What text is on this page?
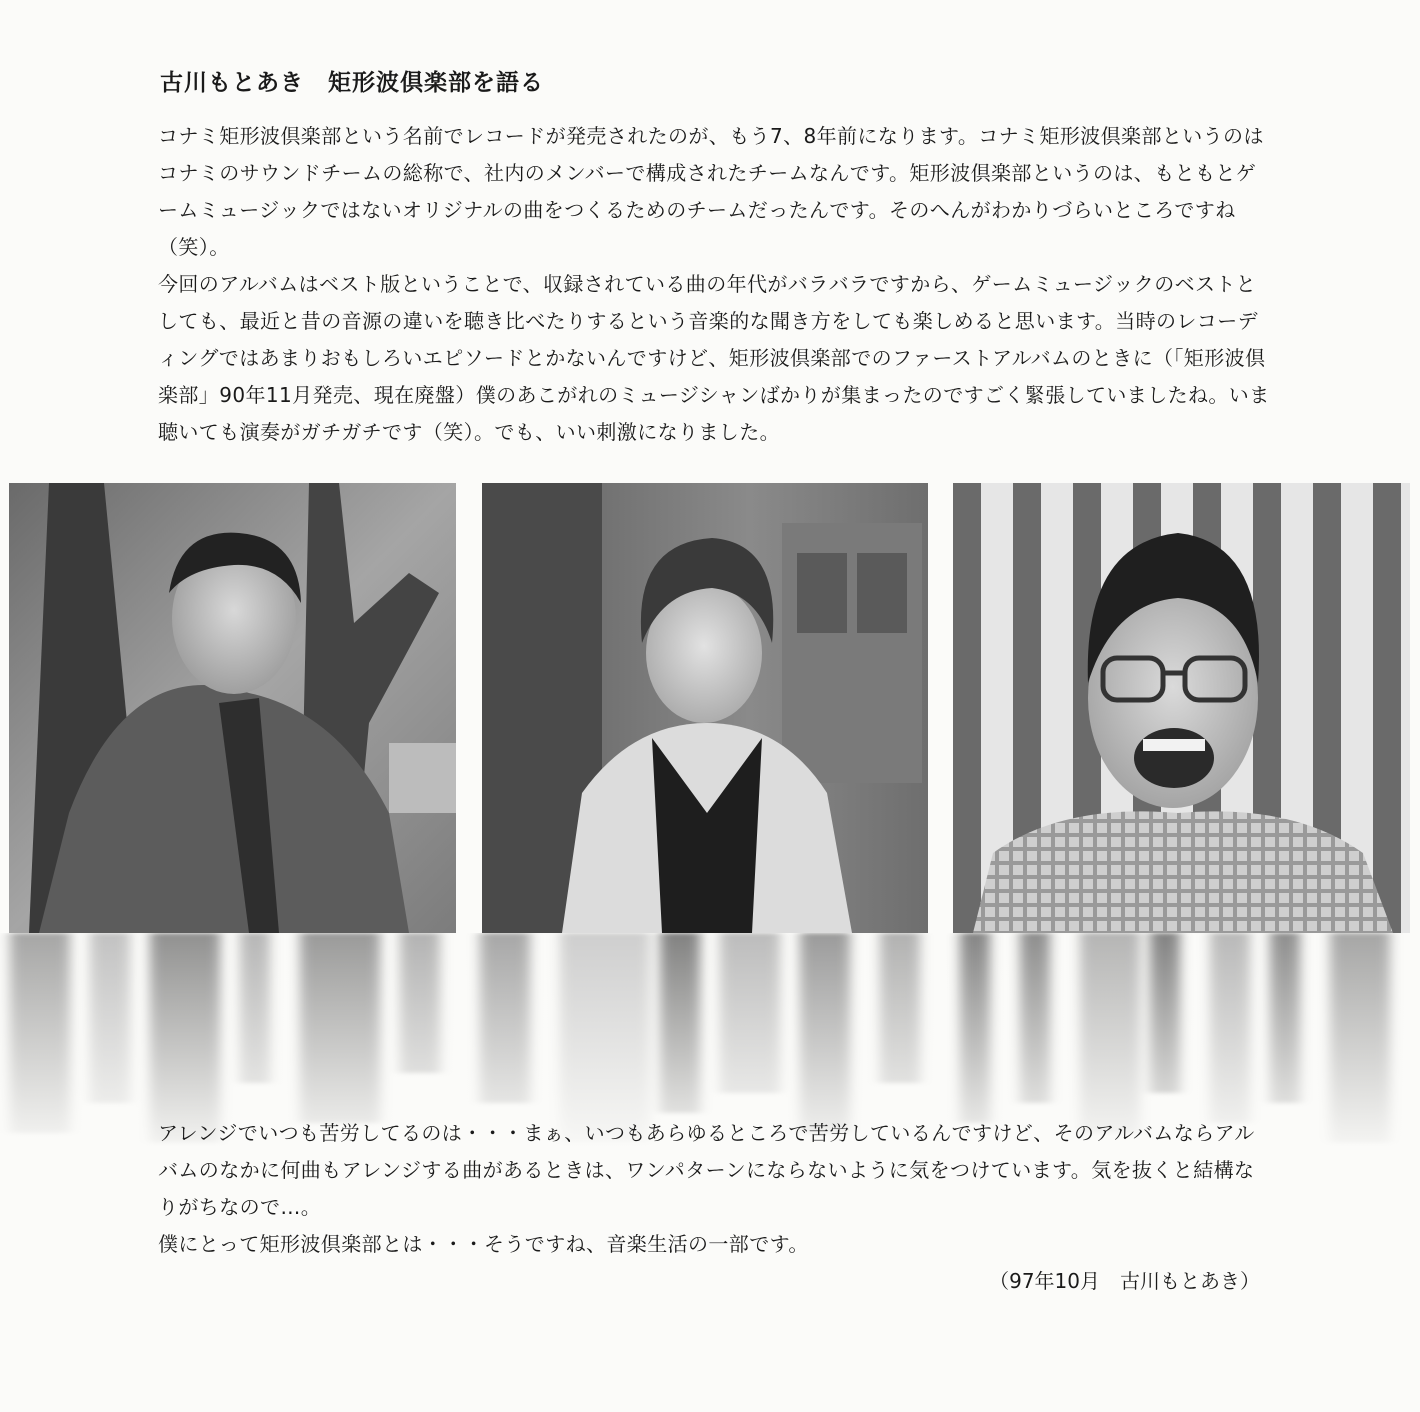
古川もとあき　矩形波倶楽部を語る

コナミ矩形波倶楽部という名前でレコードが発売されたのが、もう7、8年前になります。コナミ矩形波倶楽部というのはコナミのサウンドチームの総称で、社内のメンバーで構成されたチームなんです。矩形波倶楽部というのは、もともとゲームミュージックではないオリジナルの曲をつくるためのチームだったんです。そのへんがわかりづらいところですね（笑）。

今回のアルバムはベスト版ということで、収録されている曲の年代がバラバラですから、ゲームミュージックのベストとしても、最近と昔の音源の違いを聴き比べたりするという音楽的な聞き方をしても楽しめると思います。当時のレコーディングではあまりおもしろいエピソードとかないんですけど、矩形波倶楽部でのファーストアルバムのときに（「矩形波倶楽部」90年11月発売、現在廃盤）僕のあこがれのミュージシャンばかりが集まったのですごく緊張していましたね。いま聴いても演奏がガチガチです（笑）。でも、いい刺激になりました。

アレンジでいつも苦労してるのは・・・まぁ、いつもあらゆるところで苦労しているんですけど、そのアルバムならアルバムのなかに何曲もアレンジする曲があるときは、ワンパターンにならないように気をつけています。気を抜くと結構なりがちなので…。

僕にとって矩形波倶楽部とは・・・そうですね、音楽生活の一部です。

（97年10月　古川もとあき）
